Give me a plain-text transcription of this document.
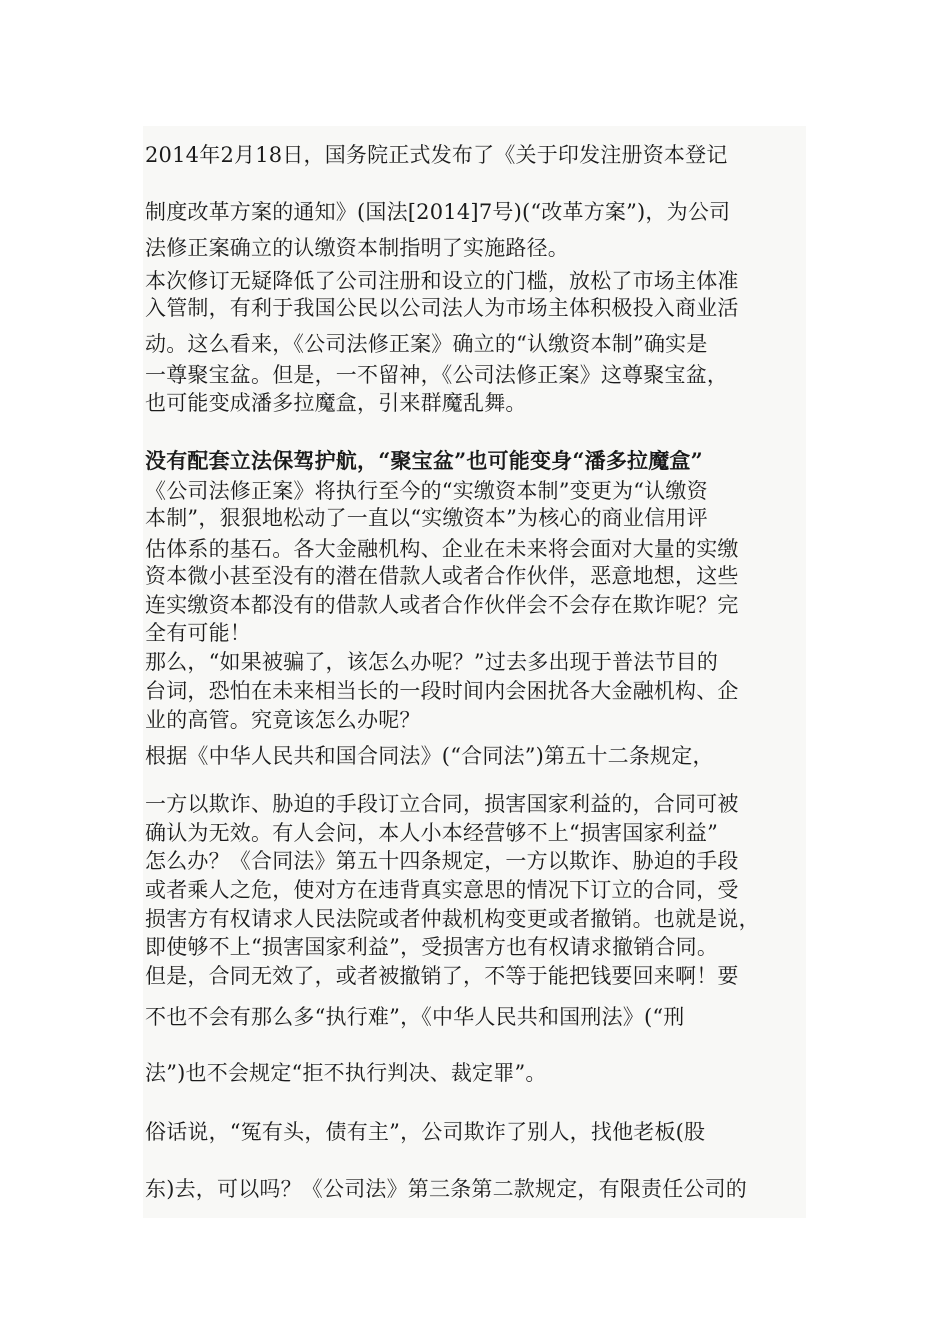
2014年2月18日，国务院正式发布了《关于印发注册资本登记
制度改革方案的通知》(国法[2014]7号)(“改革方案”)，为公司
法修正案确立的认缴资本制指明了实施路径。
本次修订无疑降低了公司注册和设立的门槛，放松了市场主体准
入管制，有利于我国公民以公司法人为市场主体积极投入商业活
动。这么看来，《公司法修正案》确立的“认缴资本制”确实是
一尊聚宝盆。但是，一不留神，《公司法修正案》这尊聚宝盆，
也可能变成潘多拉魔盒，引来群魔乱舞。
没有配套立法保驾护航，“聚宝盆”也可能变身“潘多拉魔盒”
《公司法修正案》将执行至今的“实缴资本制”变更为“认缴资
本制”，狠狠地松动了一直以“实缴资本”为核心的商业信用评
估体系的基石。各大金融机构、企业在未来将会面对大量的实缴
资本微小甚至没有的潜在借款人或者合作伙伴，恶意地想，这些
连实缴资本都没有的借款人或者合作伙伴会不会存在欺诈呢？完
全有可能！
那么，“如果被骗了，该怎么办呢？”过去多出现于普法节目的
台词，恐怕在未来相当长的一段时间内会困扰各大金融机构、企
业的高管。究竟该怎么办呢？
根据《中华人民共和国合同法》(“合同法”)第五十二条规定，
一方以欺诈、胁迫的手段订立合同，损害国家利益的，合同可被
确认为无效。有人会问，本人小本经营够不上“损害国家利益”
怎么办？《合同法》第五十四条规定，一方以欺诈、胁迫的手段
或者乘人之危，使对方在违背真实意思的情况下订立的合同，受
损害方有权请求人民法院或者仲裁机构变更或者撤销。也就是说，
即使够不上“损害国家利益”，受损害方也有权请求撤销合同。
但是，合同无效了，或者被撤销了，不等于能把钱要回来啊！要
不也不会有那么多“执行难”，《中华人民共和国刑法》(“刑
法”)也不会规定“拒不执行判决、裁定罪”。
俗话说，“冤有头，债有主”，公司欺诈了别人，找他老板(股
东)去，可以吗？《公司法》第三条第二款规定，有限责任公司的
